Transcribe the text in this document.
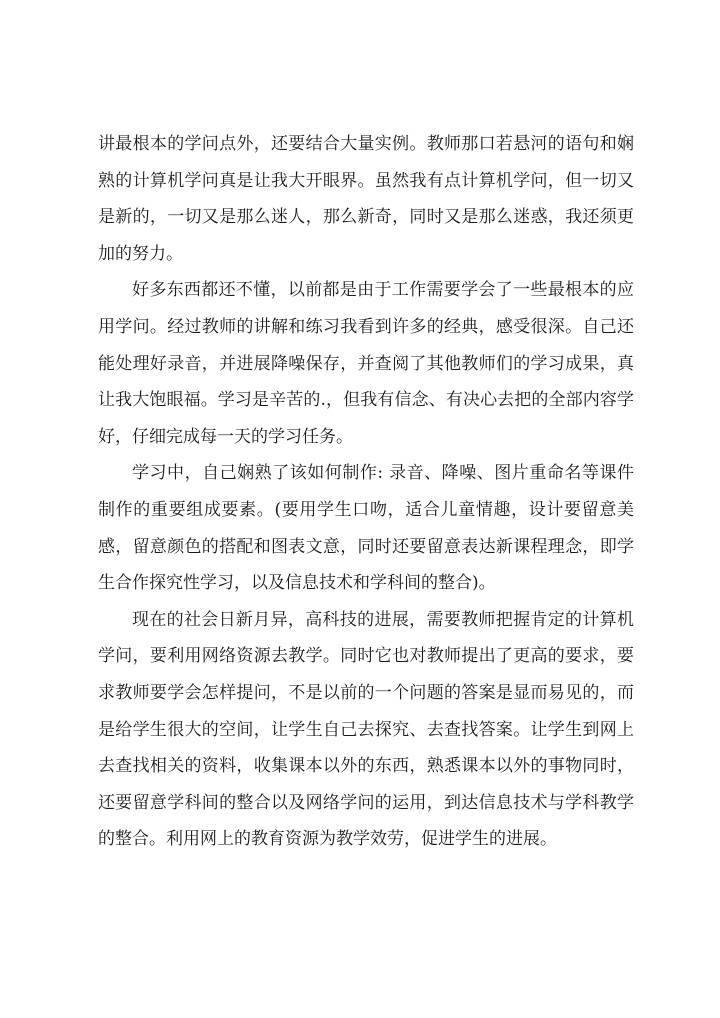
讲最根本的学问点外，还要结合大量实例。教师那口若悬河的语句和娴熟的计算机学问真是让我大开眼界。虽然我有点计算机学问，但一切又是新的，一切又是那么迷人，那么新奇，同时又是那么迷惑，我还须更加的努力。

好多东西都还不懂，以前都是由于工作需要学会了一些最根本的应用学问。经过教师的讲解和练习我看到许多的经典，感受很深。自己还能处理好录音，并进展降噪保存，并查阅了其他教师们的学习成果，真让我大饱眼福。学习是辛苦的.，但我有信念、有决心去把的全部内容学好，仔细完成每一天的学习任务。

学习中，自己娴熟了该如何制作: 录音、降噪、图片重命名等课件制作的重要组成要素。(要用学生口吻，适合儿童情趣，设计要留意美感，留意颜色的搭配和图表文意，同时还要留意表达新课程理念，即学生合作探究性学习，以及信息技术和学科间的整合)。

现在的社会日新月异，高科技的进展，需要教师把握肯定的计算机学问，要利用网络资源去教学。同时它也对教师提出了更高的要求，要求教师要学会怎样提问，不是以前的一个问题的答案是显而易见的，而是给学生很大的空间，让学生自己去探究、去查找答案。让学生到网上去查找相关的资料，收集课本以外的东西，熟悉课本以外的事物同时，还要留意学科间的整合以及网络学问的运用，到达信息技术与学科教学的整合。利用网上的教育资源为教学效劳，促进学生的进展。
